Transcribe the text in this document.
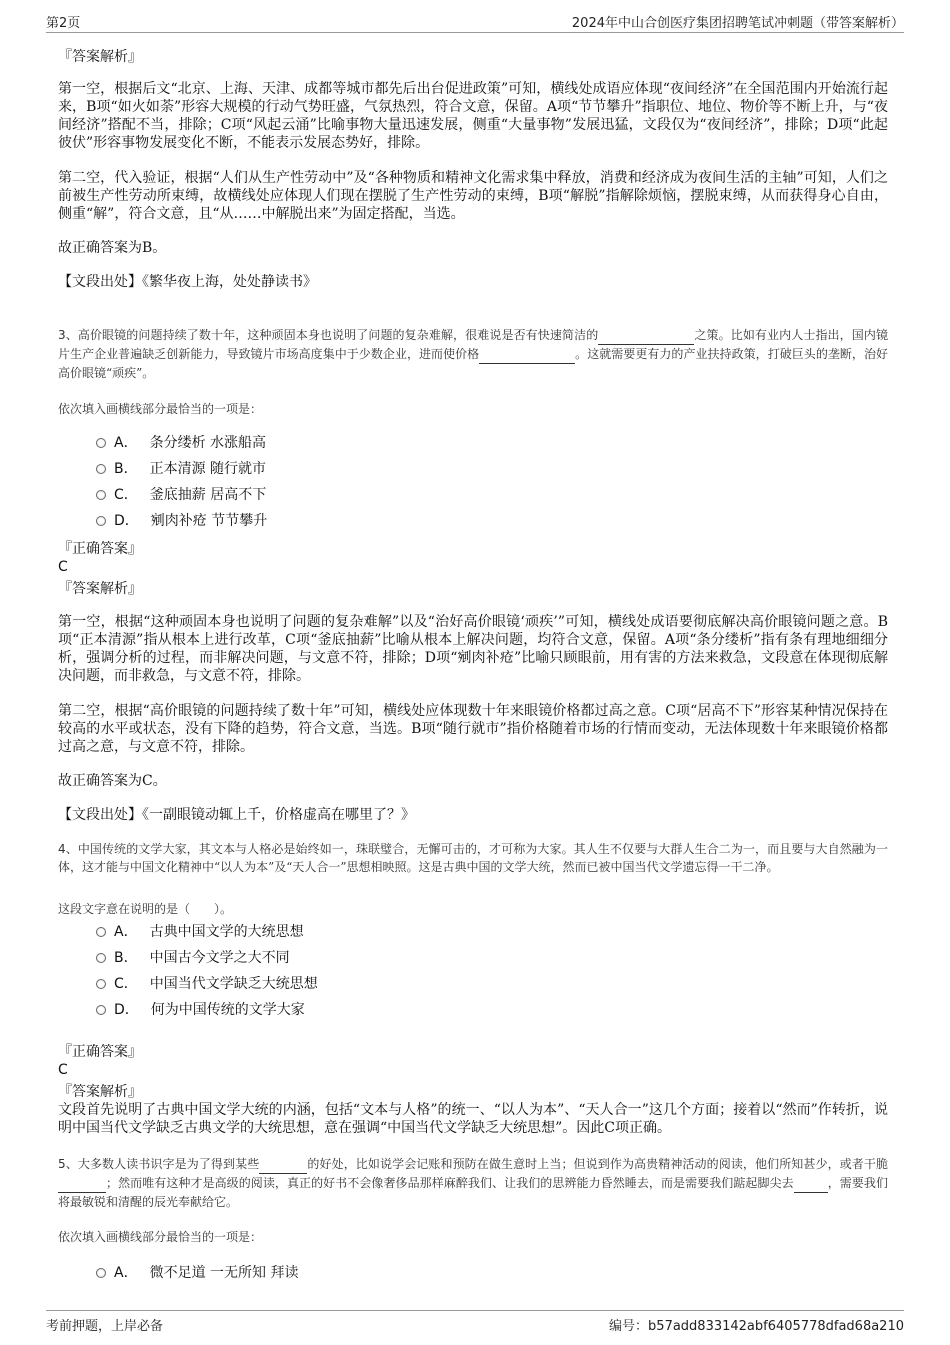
第2页	2024年中山合创医疗集团招聘笔试冲刺题（带答案解析）
『答案解析』

第一空，根据后文“北京、上海、天津、成都等城市都先后出台促进政策”可知，横线处成语应体现“夜间经济”在全国范围内开始流行起来，B项“如火如荼”形容大规模的行动气势旺盛，气氛热烈，符合文意，保留。A项“节节攀升”指职位、地位、物价等不断上升，与“夜间经济”搭配不当，排除；C项“风起云涌”比喻事物大量迅速发展，侧重“大量事物”发展迅猛，文段仅为“夜间经济”，排除；D项“此起彼伏”形容事物发展变化不断，不能表示发展态势好，排除。

第二空，代入验证，根据“人们从生产性劳动中”及“各种物质和精神文化需求集中释放，消费和经济成为夜间生活的主轴”可知，人们之前被生产性劳动所束缚，故横线处应体现人们现在摆脱了生产性劳动的束缚，B项“解脱”指解除烦恼，摆脱束缚，从而获得身心自由，侧重“解”，符合文意，且“从……中解脱出来”为固定搭配，当选。

故正确答案为B。
【文段出处】《繁华夜上海，处处静读书》

3、高价眼镜的问题持续了数十年，这种顽固本身也说明了问题的复杂难解，很难说是否有快速简洁的	之策。比如有业内人士指出，国内镜片生产企业普遍缺乏创新能力，导致镜片市场高度集中于少数企业，进而使价格	。这就需要更有力的产业扶持政策，打破巨头的垄断，治好高价眼镜“顽疾”。

依次填入画横线部分最恰当的一项是：
A． 条分缕析 水涨船高
B． 正本清源 随行就市
C． 釜底抽薪 居高不下
D． 剜肉补疮 节节攀升
『正确答案』
C
『答案解析』

第一空，根据“这种顽固本身也说明了问题的复杂难解”以及“治好高价眼镜‘顽疾’”可知，横线处成语要彻底解决高价眼镜问题之意。B项“正本清源”指从根本上进行改革，C项“釜底抽薪”比喻从根本上解决问题，均符合文意，保留。A项“条分缕析”指有条有理地细细分析，强调分析的过程，而非解决问题，与文意不符，排除；D项“剜肉补疮”比喻只顾眼前，用有害的方法来救急，文段意在体现彻底解决问题，而非救急，与文意不符，排除。

第二空，根据“高价眼镜的问题持续了数十年”可知，横线处应体现数十年来眼镜价格都过高之意。C项“居高不下”形容某种情况保持在较高的水平或状态，没有下降的趋势，符合文意，当选。B项“随行就市”指价格随着市场的行情而变动，无法体现数十年来眼镜价格都过高之意，与文意不符，排除。

故正确答案为C。
【文段出处】《一副眼镜动辄上千，价格虚高在哪里了？》

4、中国传统的文学大家，其文本与人格必是始终如一，珠联璧合，无懈可击的，才可称为大家。其人生不仅要与大群人生合二为一，而且要与大自然融为一体，这才能与中国文化精神中“以人为本”及“天人合一”思想相映照。这是古典中国的文学大统，然而已被中国当代文学遗忘得一干二净。

这段文字意在说明的是（　　）。
A． 古典中国文学的大统思想
B． 中国古今文学之大不同
C． 中国当代文学缺乏大统思想
D． 何为中国传统的文学大家
『正确答案』
C
『答案解析』

文段首先说明了古典中国文学大统的内涵，包括“文本与人格”的统一、“以人为本”、“天人合一”这几个方面；接着以“然而”作转折，说明中国当代文学缺乏古典文学的大统思想，意在强调“中国当代文学缺乏大统思想”。因此C项正确。

5、大多数人读书识字是为了得到某些	的好处，比如说学会记账和预防在做生意时上当；但说到作为高贵精神活动的阅读，他们所知甚少，或者干脆；然而唯有这种才是高级的阅读，真正的好书不会像奢侈品那样麻醉我们、让我们的思辨能力昏然睡去，而是需要我们踮起脚尖去	，需要我们将最敏锐和清醒的辰光奉献给它。

依次填入画横线部分最恰当的一项是：
A． 微不足道 一无所知 拜读
考前押题，上岸必备	编号：b57add833142abf6405778dfad68a210
